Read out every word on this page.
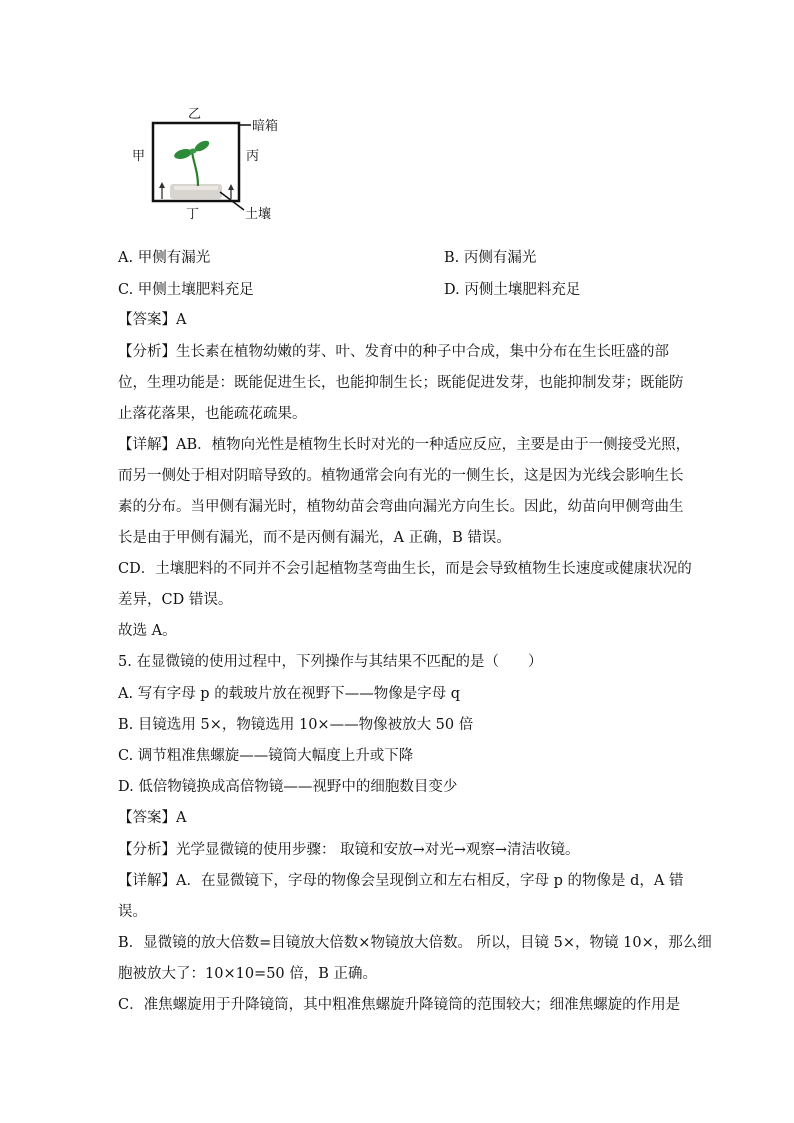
乙
甲	丙
丁
暗箱
土壤
A. 甲侧有漏光	B. 丙侧有漏光
C. 甲侧土壤肥料充足	D. 丙侧土壤肥料充足
【答案】A
【分析】生长素在植物幼嫩的芽、叶、发育中的种子中合成，集中分布在生长旺盛的部
位，生理功能是：既能促进生长，也能抑制生长；既能促进发芽，也能抑制发芽；既能防
止落花落果，也能疏花疏果。
【详解】AB．植物向光性是植物生长时对光的一种适应反应，主要是由于一侧接受光照，
而另一侧处于相对阴暗导致的。植物通常会向有光的一侧生长，这是因为光线会影响生长
素的分布。当甲侧有漏光时，植物幼苗会弯曲向漏光方向生长。因此，幼苗向甲侧弯曲生
长是由于甲侧有漏光，而不是丙侧有漏光，A 正确，B 错误。
CD．土壤肥料的不同并不会引起植物茎弯曲生长，而是会导致植物生长速度或健康状况的
差异，CD 错误。
故选 A。
5. 在显微镜的使用过程中，下列操作与其结果不匹配的是（　　）
A. 写有字母 p 的载玻片放在视野下——物像是字母 q
B. 目镜选用 5×，物镜选用 10×——物像被放大 50 倍
C. 调节粗准焦螺旋——镜筒大幅度上升或下降
D. 低倍物镜换成高倍物镜——视野中的细胞数目变少
【答案】A
【分析】光学显微镜的使用步骤： 取镜和安放→对光→观察→清洁收镜。
【详解】A．在显微镜下，字母的物像会呈现倒立和左右相反，字母 p 的物像是 d，A 错
误。
B．显微镜的放大倍数=目镜放大倍数×物镜放大倍数。 所以，目镜 5×，物镜 10×，那么细
胞被放大了：10×10=50 倍，B 正确。
C．准焦螺旋用于升降镜筒，其中粗准焦螺旋升降镜筒的范围较大；细准焦螺旋的作用是
